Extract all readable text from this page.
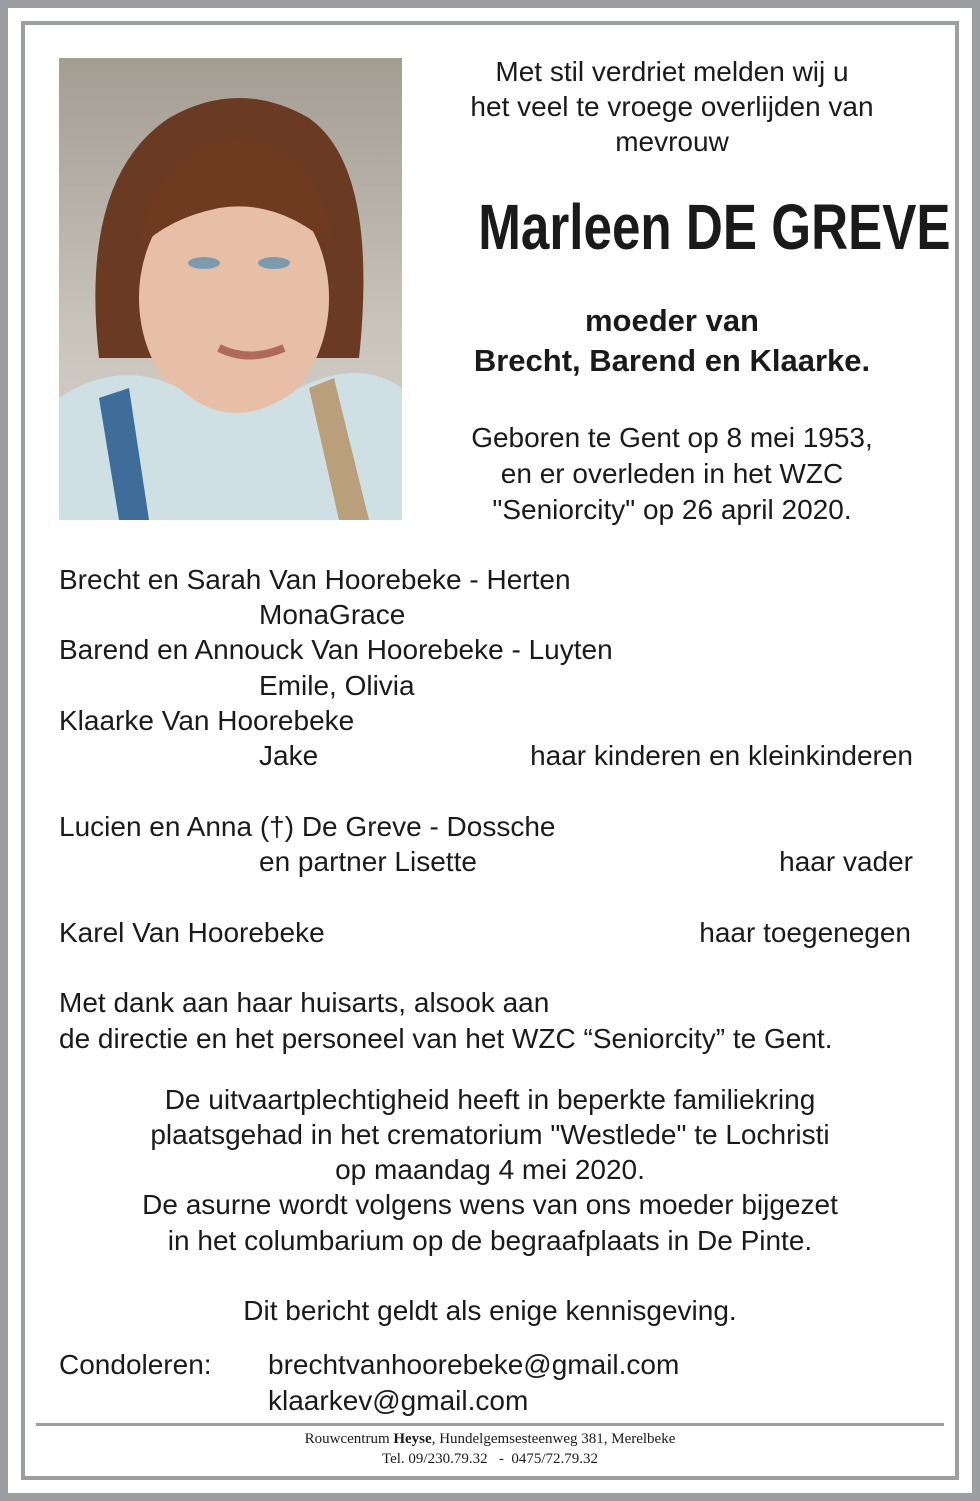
Met stil verdriet melden wij u
het veel te vroege overlijden van
mevrouw
Marleen DE GREVE
moeder van
Brecht, Barend en Klaarke.
Geboren te Gent op 8 mei 1953,
en er overleden in het WZC
"Seniorcity" op 26 april 2020.
Brecht en Sarah Van Hoorebeke - Herten
MonaGrace
Barend en Annouck Van Hoorebeke - Luyten
Emile, Olivia
Klaarke Van Hoorebeke
Jake	haar kinderen en kleinkinderen
Lucien en Anna (†) De Greve - Dossche
en partner Lisette	haar vader
Karel Van Hoorebeke	haar toegenegen
Met dank aan haar huisarts, alsook aan
de directie en het personeel van het WZC “Seniorcity” te Gent.
De uitvaartplechtigheid heeft in beperkte familiekring
plaatsgehad in het crematorium "Westlede" te Lochristi
op maandag 4 mei 2020.
De asurne wordt volgens wens van ons moeder bijgezet
in het columbarium op de begraafplaats in De Pinte.
Dit bericht geldt als enige kennisgeving.
Condoleren: brechtvanhoorebeke@gmail.com
klaarkev@gmail.com
Rouwcentrum Heyse, Hundelgemsesteenweg 381, Merelbeke
Tel. 09/230.79.32   -  0475/72.79.32
